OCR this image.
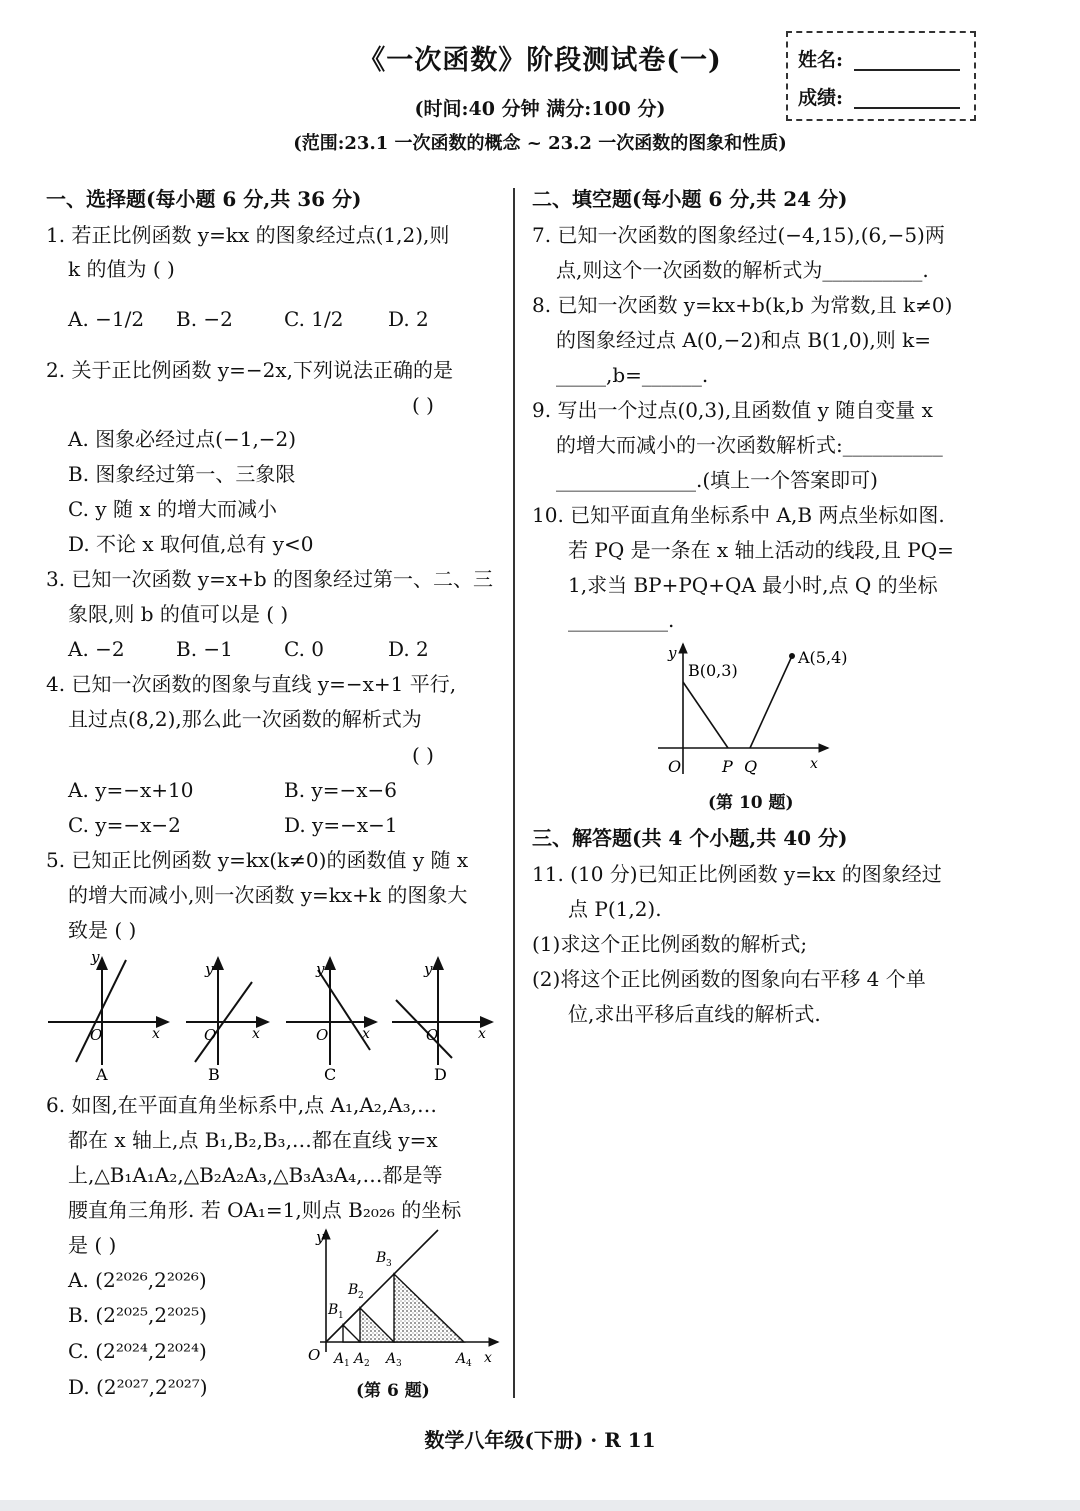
《一次函数》阶段测试卷(一)
(时间:40 分钟 满分:100 分)
(范围:23.1 一次函数的概念 ~ 23.2 一次函数的图象和性质)
姓名:
成绩:
一、选择题(每小题 6 分,共 36 分)
1. 若正比例函数 y=kx 的图象经过点(1,2),则
k 的值为 ( )
A. −1/2 B. −2	C. 1/2 D. 2
2. 关于正比例函数 y=−2x,下列说法正确的是
( )
A. 图象必经过点(−1,−2)
B. 图象经过第一、三象限
C. y 随 x 的增大而减小
D. 不论 x 取何值,总有 y<0
3. 已知一次函数 y=x+b 的图象经过第一、二、三
象限,则 b 的值可以是 ( )
A. −2	B. −1	C. 0	D. 2
4. 已知一次函数的图象与直线 y=−x+1 平行,
且过点(8,2),那么此一次函数的解析式为
( )
A. y=−x+10	B. y=−x−6
C. y=−x−2	D. y=−x−1
5. 已知正比例函数 y=kx(k≠0)的函数值 y 随 x
的增大而减小,则一次函数 y=kx+k 的图象大
致是 ( )
y
O	x
A
y
O	x
B
y
O x
C
y
O	x
D
6. 如图,在平面直角坐标系中,点 A₁,A₂,A₃,…
都在 x 轴上,点 B₁,B₂,B₃,…都在直线 y=x
上,△B₁A₁A₂,△B₂A₂A₃,△B₃A₃A₄,…都是等
腰直角三角形. 若 OA₁=1,则点 B₂₀₂₆ 的坐标
是 ( )
A. (2²⁰²⁶,2²⁰²⁶)
B. (2²⁰²⁵,2²⁰²⁵)
C. (2²⁰²⁴,2²⁰²⁴)
D. (2²⁰²⁷,2²⁰²⁷)
y
O A 1 A 2 A 3	A 4 x
B 1
B 2
B 3
(第 6 题)
二、填空题(每小题 6 分,共 24 分)
7. 已知一次函数的图象经过(−4,15),(6,−5)两
点,则这个一次函数的解析式为__________.
8. 已知一次函数 y=kx+b(k,b 为常数,且 k≠0)
的图象经过点 A(0,−2)和点 B(1,0),则 k=
_____,b=______.
9. 写出一个过点(0,3),且函数值 y 随自变量 x
的增大而减小的一次函数解析式:__________
______________.(填上一个答案即可)
10. 已知平面直角坐标系中 A,B 两点坐标如图.
若 PQ 是一条在 x 轴上活动的线段,且 PQ=
1,求当 BP+PQ+QA 最小时,点 Q 的坐标
__________.
y
B(0,3)
A(5,4)
O	P Q	x
(第 10 题)
三、解答题(共 4 个小题,共 40 分)
11. (10 分)已知正比例函数 y=kx 的图象经过
点 P(1,2).
(1)求这个正比例函数的解析式;
(2)将这个正比例函数的图象向右平移 4 个单
位,求出平移后直线的解析式.
数学八年级(下册) · R 11
